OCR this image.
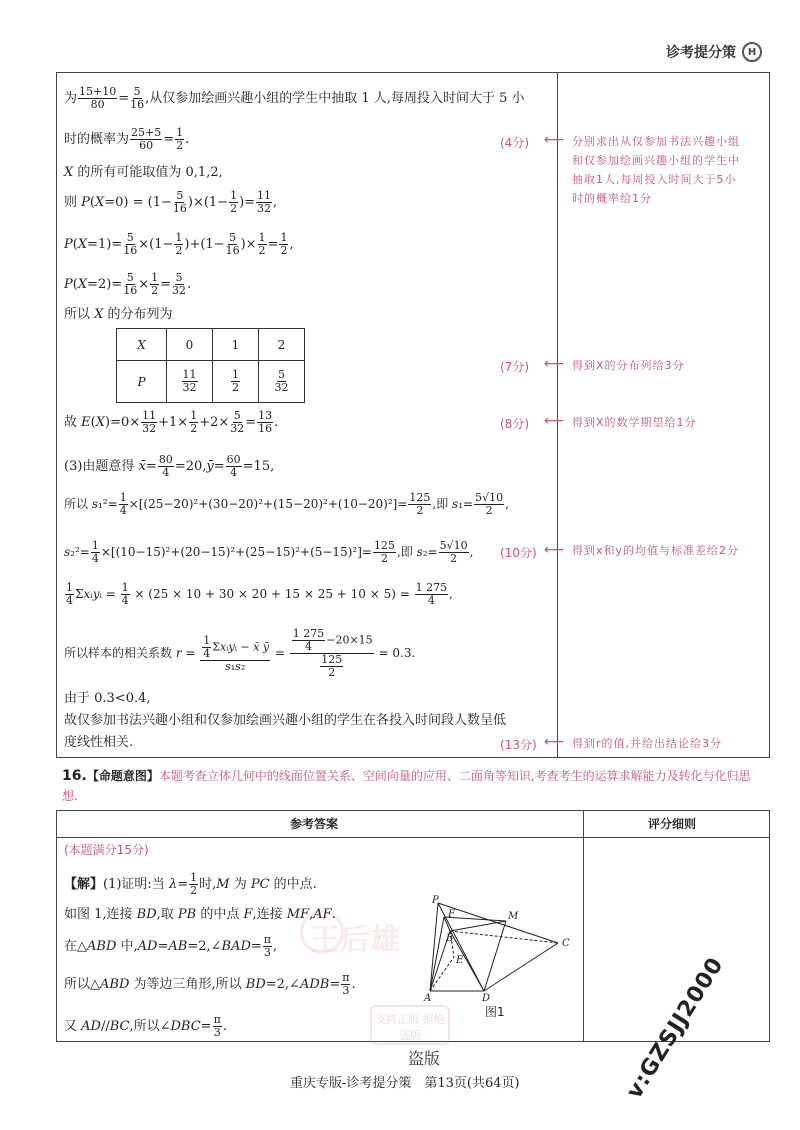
诊考提分策	H
为 $\frac{15+10}{80} = \frac{5}{16}$ ,从仅参加绘画兴趣小组的学生中抽取 1 人,每周投入时间大于 5 小
时的概率为 $\frac{25+5}{60} = \frac{1}{2}$ .
X 的所有可能取值为 0,1,2,
则 $P(X=0) = (1- \frac{5}{16} )\times(1- \frac{1}{2}$ )= $\frac{11}{32}$ ,
$P(X=1)= \frac{5}{16} \times(1- \frac{1}{2} )+(1- \frac{5}{16}$ )× $\frac{1}{2} = \frac{1}{2}$ ,
$P(X=2)= \frac{5}{16} \times \frac{1}{2} = \frac{5}{32}$ .
所以 X 的分布列为
X	0	1	2
P	$\frac{11}{32}$	$\frac{1}{2}$	$\frac{5}{32}$
故 $E(X)=0\times \frac{11}{32} +1\times \frac{1}{2} +2\times \frac{5}{32} = \frac{13}{16}$ .
(3)由题意得 x̄= $\frac{80}{4}$ =20,ȳ= $\frac{60}{4} =15$,
所以 $s_1^2= \frac{1}{4} \times[(25-20)^2+(30-20)^2+(15-20)^2+(10-20)^2]= \frac{125}{2}$ ,即 $s_1= \frac{5√10}{2}$ ,
$s_2^2= \frac{1}{4} \times[(10-15)^2+(20-15)^2+(25-15)^2+(5-15)^2]= \frac{125}{2}$ ,即 $s_2= \frac{5√10}{2}$ ,
$\frac{1}{4}$ Σxᵢyᵢ = $\frac{1}{4} \times (25 \times 10 + 30 \times 20 + 15 \times 25 + 10 \times 5) = \frac{1 275}{4}$ ,
所以样本的相关系数 $r = \frac{\frac{1}{4} \Sigma xᵢyᵢ - x̄ ȳ}{\text{s₁s₂}} = \frac{\frac{1 275}{4} -20\times 15}{\frac{125}{2}} = 0.3$.
由于 0.3<0.4,
故仅参加书法兴趣小组和仅参加绘画兴趣小组的学生在各投入时间段人数呈低
度线性相关.
(4分) ⟵ 分别求出从仅参加书法兴趣小组和仅参加绘画兴趣小组的学生中抽取1人,每周投入时间大于5小时的概率给1分
(7分) ⟵ 得到X的分布列给3分
(8分) ⟵ 得到X的数学期望给1分
(10分) ⟵ 得到x和y的均值与标准差给2分
(13分) ⟵ 得到r的值,并给出结论给3分
16.【命题意图】本题考查立体几何中的线面位置关系、空间向量的应用、二面角等知识,考查考生的运算求解能力及转化与化归思想.
参考答案	评分细则
王后雄
(本题满分15分)
【解】(1)证明:当 $\lambda= \frac{1}{2}$ 时,M 为 PC 的中点.
如图 1,连接 BD,取 PB 的中点 F,连接 MF,AF.
在△ABD 中,AD=AB=2,∠BAD= $\frac{\pi}{3}$ ,
所以△ABD 为等边三角形,所以 BD=2,∠ADB= $\frac{\pi}{3}$ .
又 AD//BC,所以∠DBC= $\frac{\pi}{3}$ .
P
F	M
B
E
C
A	D
图1
支持正版 拒绝盗版
盗版
重庆专版-诊考提分策　第13页(共64页)	v:GZSJJ2000
